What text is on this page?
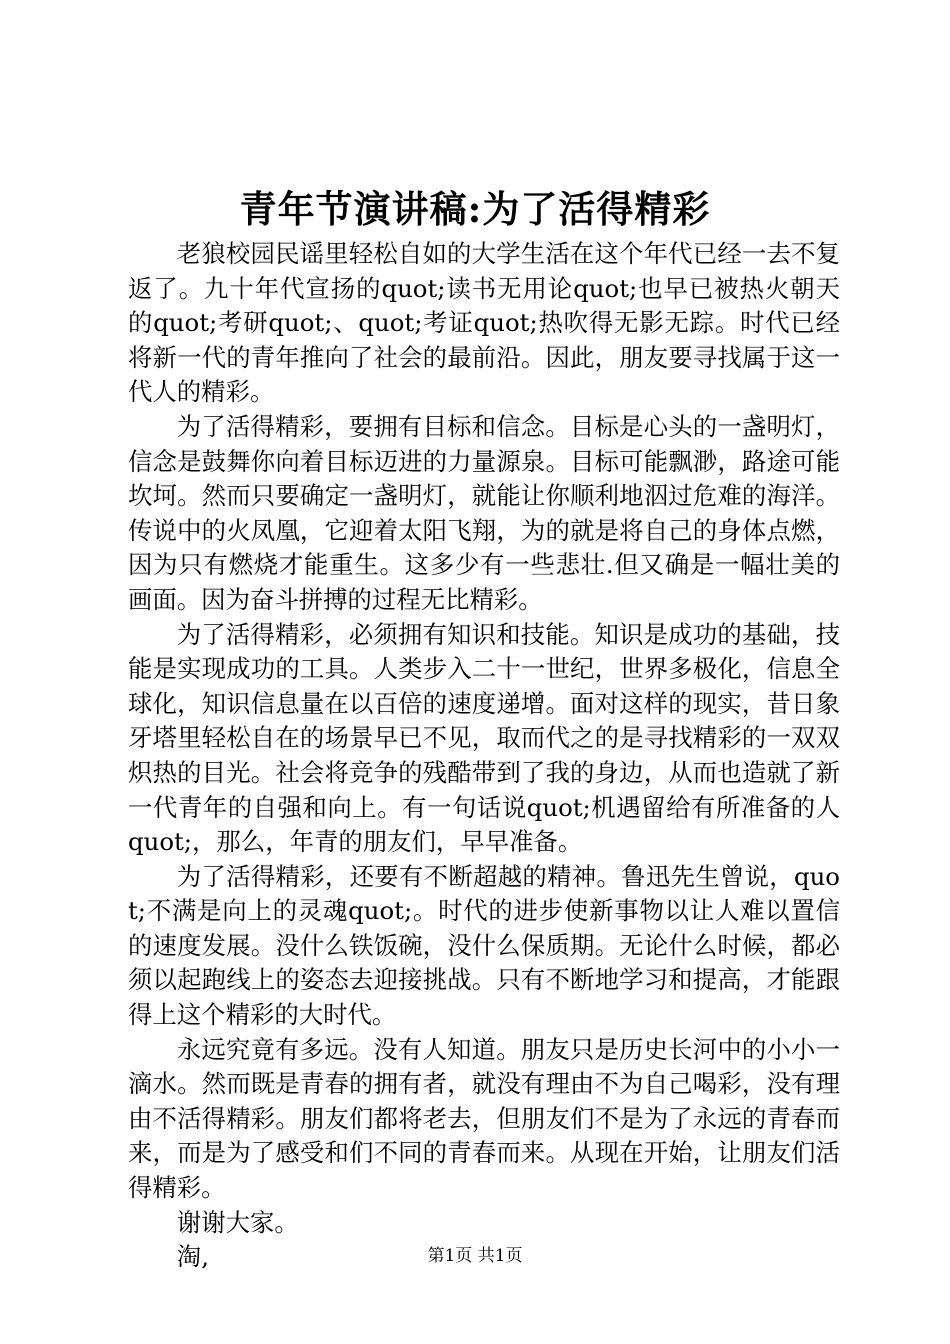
青年节演讲稿:为了活得精彩

老狼校园民谣里轻松自如的大学生活在这个年代已经一去不复返了。九十年代宣扬的quot;读书无用论quot;也早已被热火朝天的quot;考研quot;、quot;考证quot;热吹得无影无踪。时代已经将新一代的青年推向了社会的最前沿。因此，朋友要寻找属于这一代人的精彩。

为了活得精彩，要拥有目标和信念。目标是心头的一盏明灯，信念是鼓舞你向着目标迈进的力量源泉。目标可能飘渺，路途可能坎坷。然而只要确定一盏明灯，就能让你顺利地泅过危难的海洋。传说中的火凤凰，它迎着太阳飞翔，为的就是将自己的身体点燃，因为只有燃烧才能重生。这多少有一些悲壮.但又确是一幅壮美的画面。因为奋斗拼搏的过程无比精彩。

为了活得精彩，必须拥有知识和技能。知识是成功的基础，技能是实现成功的工具。人类步入二十一世纪，世界多极化，信息全球化，知识信息量在以百倍的速度递增。面对这样的现实，昔日象牙塔里轻松自在的场景早已不见，取而代之的是寻找精彩的一双双炽热的目光。社会将竞争的残酷带到了我的身边，从而也造就了新一代青年的自强和向上。有一句话说quot;机遇留给有所准备的人quot;，那么，年青的朋友们，早早准备。

为了活得精彩，还要有不断超越的精神。鲁迅先生曾说，quot;不满是向上的灵魂quot;。时代的进步使新事物以让人难以置信的速度发展。没什么铁饭碗，没什么保质期。无论什么时候，都必须以起跑线上的姿态去迎接挑战。只有不断地学习和提高，才能跟得上这个精彩的大时代。

永远究竟有多远。没有人知道。朋友只是历史长河中的小小一滴水。然而既是青春的拥有者，就没有理由不为自己喝彩，没有理由不活得精彩。朋友们都将老去，但朋友们不是为了永远的青春而来，而是为了感受和们不同的青春而来。从现在开始，让朋友们活得精彩。

谢谢大家。

淘,	第1页 共1页
